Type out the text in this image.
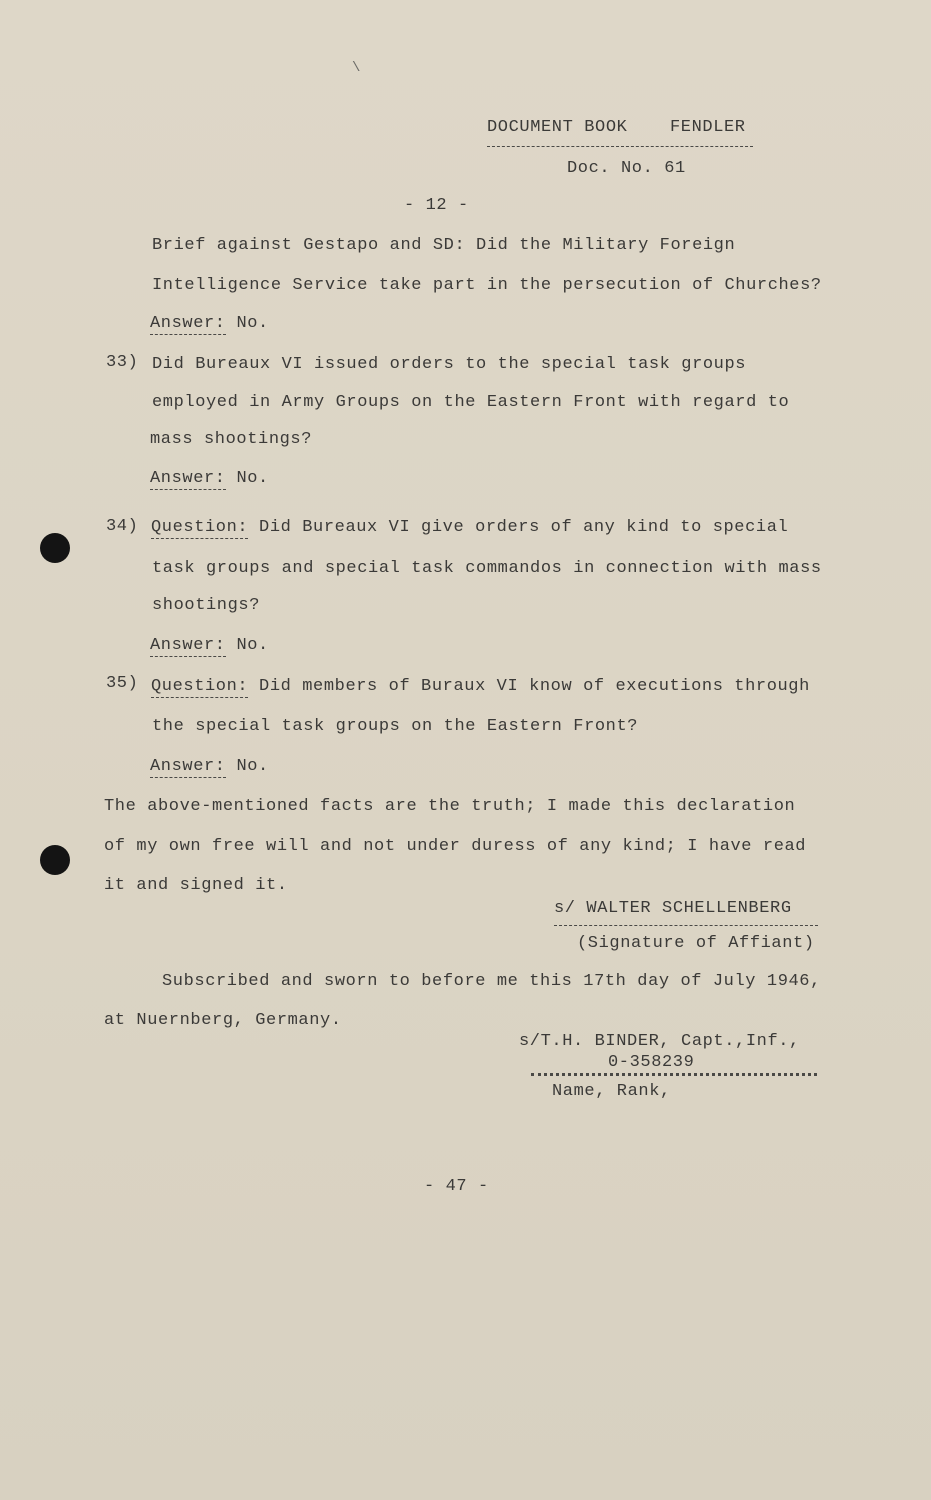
\
DOCUMENT BOOK	FENDLER
Doc. No. 61
- 12 -
Brief against Gestapo and SD: Did the Military Foreign
Intelligence Service take part in the persecution of Churches?
Answer: No.
33) Did Bureaux VI issued orders to the special task groups
employed in Army Groups on the Eastern Front with regard to
mass shootings?
Answer: No.
34) Question: Did Bureaux VI give orders of any kind to special
task groups and special task commandos in connection with mass
shootings?
Answer: No.
35) Question: Did members of Buraux VI know of executions through
the special task groups on the Eastern Front?
Answer: No.
The above-mentioned facts are the truth; I made this declaration
of my own free will and not under duress of any kind; I have read
it and signed it.
s/ WALTER SCHELLENBERG
(Signature of Affiant)
Subscribed and sworn to before me this 17th day of July 1946,
at Nuernberg, Germany.
s/T.H. BINDER, Capt.,Inf.,
0-358239
Name, Rank,
- 47 -
